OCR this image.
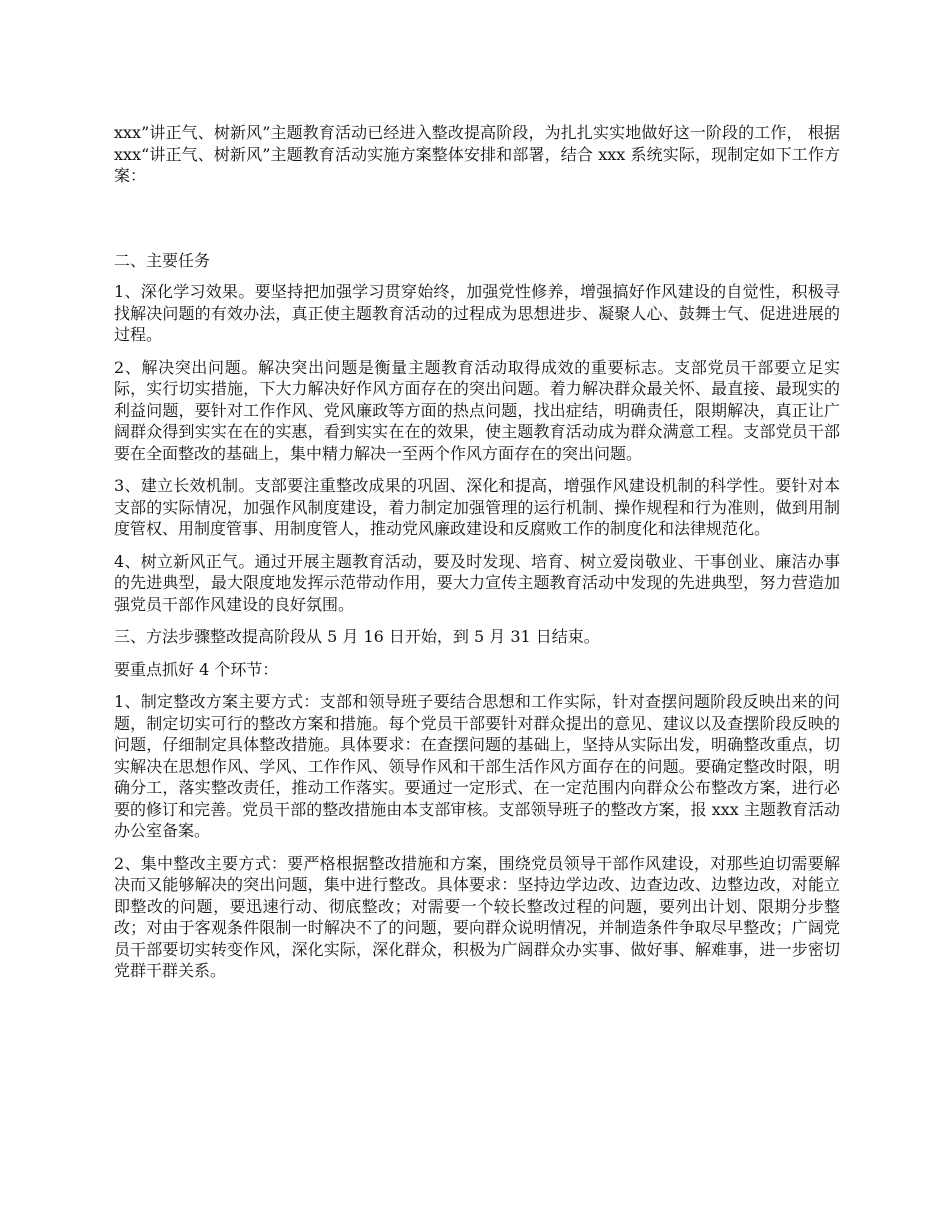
xxx”讲正气、树新风”主题教育活动已经进入整改提高阶段，为扎扎实实地做好这一阶段的工作， 根据 xxx“讲正气、树新风”主题教育活动实施方案整体安排和部署，结合 xxx 系统实际，现制定如下工作方案：

二、主要任务

1、深化学习效果。要坚持把加强学习贯穿始终，加强党性修养，增强搞好作风建设的自觉性，积极寻找解决问题的有效办法，真正使主题教育活动的过程成为思想进步、凝聚人心、鼓舞士气、促进进展的过程。

2、解决突出问题。解决突出问题是衡量主题教育活动取得成效的重要标志。支部党员干部要立足实际，实行切实措施，下大力解决好作风方面存在的突出问题。着力解决群众最关怀、最直接、最现实的利益问题，要针对工作作风、党风廉政等方面的热点问题，找出症结，明确责任，限期解决，真正让广阔群众得到实实在在的实惠，看到实实在在的效果，使主题教育活动成为群众满意工程。支部党员干部要在全面整改的基础上，集中精力解决一至两个作风方面存在的突出问题。

3、建立长效机制。支部要注重整改成果的巩固、深化和提高，增强作风建设机制的科学性。要针对本支部的实际情况，加强作风制度建设，着力制定加强管理的运行机制、操作规程和行为准则，做到用制度管权、用制度管事、用制度管人，推动党风廉政建设和反腐败工作的制度化和法律规范化。

4、树立新风正气。通过开展主题教育活动，要及时发现、培育、树立爱岗敬业、干事创业、廉洁办事的先进典型，最大限度地发挥示范带动作用，要大力宣传主题教育活动中发现的先进典型，努力营造加强党员干部作风建设的良好氛围。

三、方法步骤整改提高阶段从 5 月 16 日开始，到 5 月 31 日结束。

要重点抓好 4 个环节：

1、制定整改方案主要方式：支部和领导班子要结合思想和工作实际，针对查摆问题阶段反映出来的问题，制定切实可行的整改方案和措施。每个党员干部要针对群众提出的意见、建议以及查摆阶段反映的问题，仔细制定具体整改措施。具体要求：在查摆问题的基础上，坚持从实际出发，明确整改重点，切实解决在思想作风、学风、工作作风、领导作风和干部生活作风方面存在的问题。要确定整改时限，明确分工，落实整改责任，推动工作落实。要通过一定形式、在一定范围内向群众公布整改方案，进行必要的修订和完善。党员干部的整改措施由本支部审核。支部领导班子的整改方案，报 xxx 主题教育活动办公室备案。

2、集中整改主要方式：要严格根据整改措施和方案，围绕党员领导干部作风建设，对那些迫切需要解决而又能够解决的突出问题，集中进行整改。具体要求：坚持边学边改、边查边改、边整边改，对能立即整改的问题，要迅速行动、彻底整改；对需要一个较长整改过程的问题，要列出计划、限期分步整改；对由于客观条件限制一时解决不了的问题，要向群众说明情况，并制造条件争取尽早整改；广阔党员干部要切实转变作风，深化实际，深化群众，积极为广阔群众办实事、做好事、解难事，进一步密切党群干群关系。
